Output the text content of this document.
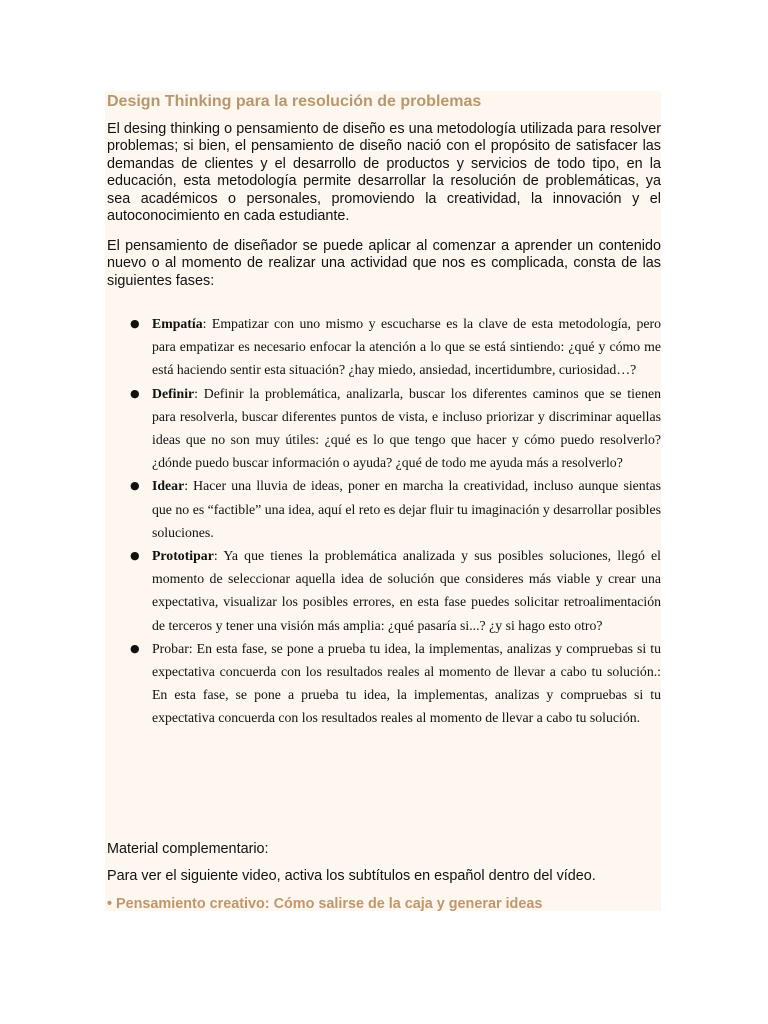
Design Thinking para la resolución de problemas

El desing thinking o pensamiento de diseño es una metodología utilizada para resolver problemas; si bien, el pensamiento de diseño nació con el propósito de satisfacer las demandas de clientes y el desarrollo de productos y servicios de todo tipo, en la educación, esta metodología permite desarrollar la resolución de problemáticas, ya sea académicos o personales, promoviendo la creatividad, la innovación y el autoconocimiento en cada estudiante.

El pensamiento de diseñador se puede aplicar al comenzar a aprender un contenido nuevo o al momento de realizar una actividad que nos es complicada, consta de las siguientes fases:

● Empatía: Empatizar con uno mismo y escucharse es la clave de esta metodología, pero para empatizar es necesario enfocar la atención a lo que se está sintiendo: ¿qué y cómo me está haciendo sentir esta situación? ¿hay miedo, ansiedad, incertidumbre, curiosidad…?
● Definir: Definir la problemática, analizarla, buscar los diferentes caminos que se tienen para resolverla, buscar diferentes puntos de vista, e incluso priorizar y discriminar aquellas ideas que no son muy útiles: ¿qué es lo que tengo que hacer y cómo puedo resolverlo? ¿dónde puedo buscar información o ayuda? ¿qué de todo me ayuda más a resolverlo?
● Idear: Hacer una lluvia de ideas, poner en marcha la creatividad, incluso aunque sientas que no es “factible” una idea, aquí el reto es dejar fluir tu imaginación y desarrollar posibles soluciones.
● Prototipar: Ya que tienes la problemática analizada y sus posibles soluciones, llegó el momento de seleccionar aquella idea de solución que consideres más viable y crear una expectativa, visualizar los posibles errores, en esta fase puedes solicitar retroalimentación de terceros y tener una visión más amplia: ¿qué pasaría si...? ¿y si hago esto otro?
● Probar: En esta fase, se pone a prueba tu idea, la implementas, analizas y compruebas si tu expectativa concuerda con los resultados reales al momento de llevar a cabo tu solución.: En esta fase, se pone a prueba tu idea, la implementas, analizas y compruebas si tu expectativa concuerda con los resultados reales al momento de llevar a cabo tu solución.

Material complementario:

Para ver el siguiente video, activa los subtítulos en español dentro del vídeo.

• Pensamiento creativo: Cómo salirse de la caja y generar ideas
